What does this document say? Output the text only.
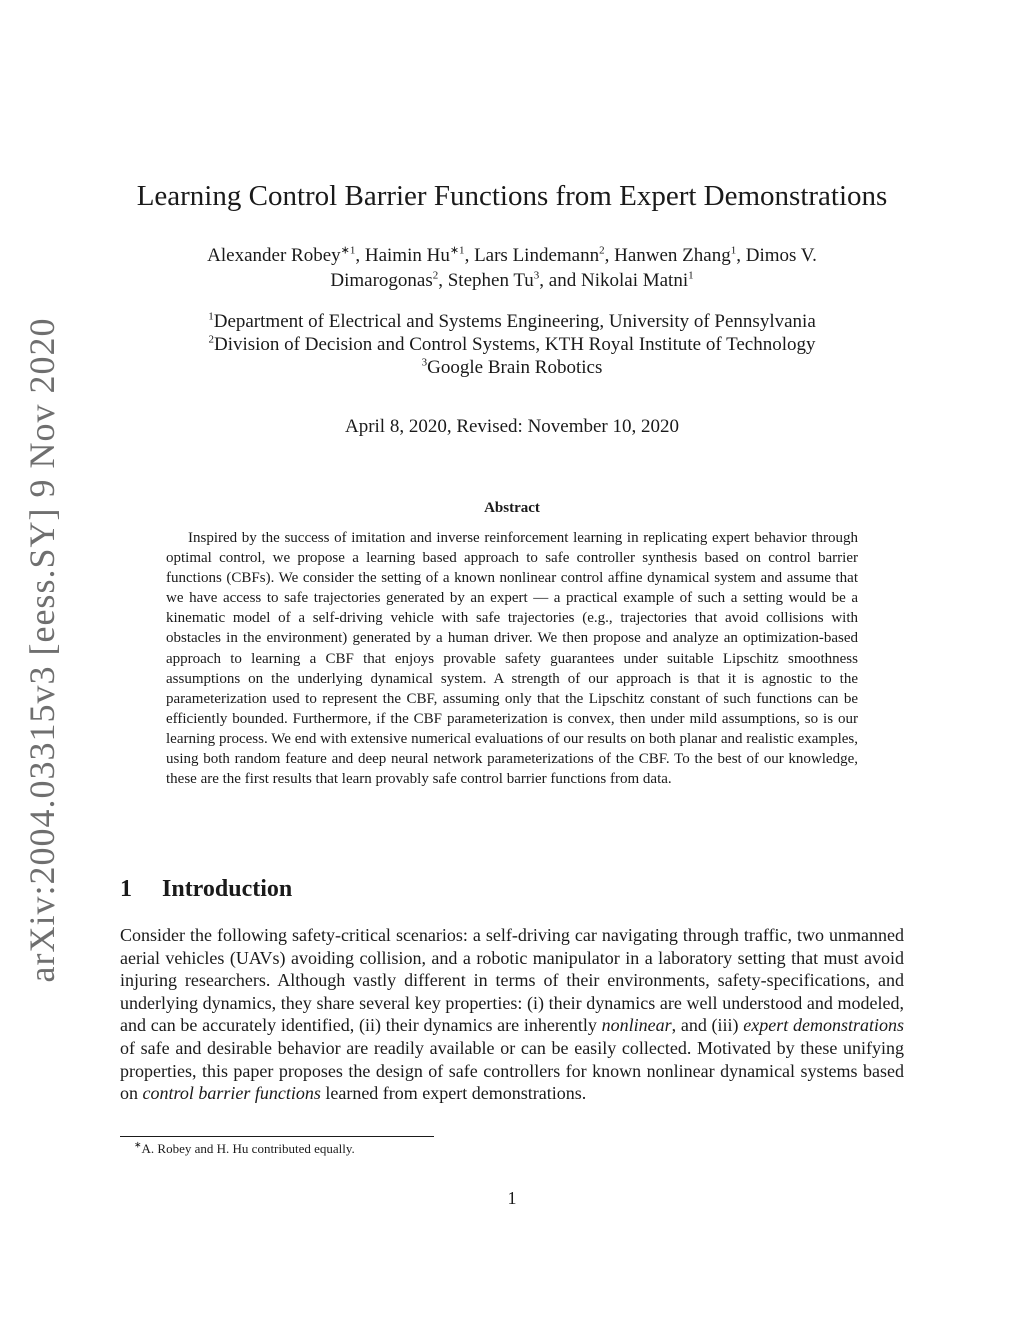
arXiv:2004.03315v3 [eess.SY] 9 Nov 2020
Learning Control Barrier Functions from Expert Demonstrations
Alexander Robey$^{∗1}$, Haimin $Hu^{∗1}$, Lars Lindemann$^2$, Hanwen Zhang$^1$, Dimos V.
Dimarogonas$^2$, Stephen Tu$^3$, and Nikolai Matni$^1$
$^1$Department of Electrical and Systems Engineering, University of Pennsylvania
$^2$Division of Decision and Control Systems, KTH Royal Institute of Technology
$^3$Google Brain Robotics
April 8, 2020, Revised: November 10, 2020
Abstract
Inspired by the success of imitation and inverse reinforcement learning in replicating expert behavior through optimal control, we propose a learning based approach to safe controller synthesis based on control barrier functions (CBFs). We consider the setting of a known nonlinear control affine dynamical system and assume that we have access to safe trajectories generated by an expert — a practical example of such a setting would be a kinematic model of a self-driving vehicle with safe trajectories (e.g., trajectories that avoid collisions with obstacles in the environment) generated by a human driver. We then propose and analyze an optimization-based approach to learning a CBF that enjoys provable safety guarantees under suitable Lipschitz smoothness assumptions on the underlying dynamical system. A strength of our approach is that it is agnostic to the parameterization used to represent the CBF, assuming only that the Lipschitz constant of such functions can be efficiently bounded. Furthermore, if the CBF parameterization is convex, then under mild assumptions, so is our learning process. We end with extensive numerical evaluations of our results on both planar and realistic examples, using both random feature and deep neural network parameterizations of the CBF. To the best of our knowledge, these are the first results that learn provably safe control barrier functions from data.
1 Introduction
Consider the following safety-critical scenarios: a self-driving car navigating through traffic, two unmanned aerial vehicles (UAVs) avoiding collision, and a robotic manipulator in a laboratory setting that must avoid injuring researchers. Although vastly different in terms of their environments, safety-specifications, and underlying dynamics, they share several key properties: (i) their dynamics are well understood and modeled, and can be accurately identified, (ii) their dynamics are inherently nonlinear, and (iii) expert demonstrations of safe and desirable behavior are readily available or can be easily collected. Motivated by these unifying properties, this paper proposes the design of safe controllers for known nonlinear dynamical systems based on control barrier functions learned from expert demonstrations.
∗A. Robey and H. Hu contributed equally.
1
